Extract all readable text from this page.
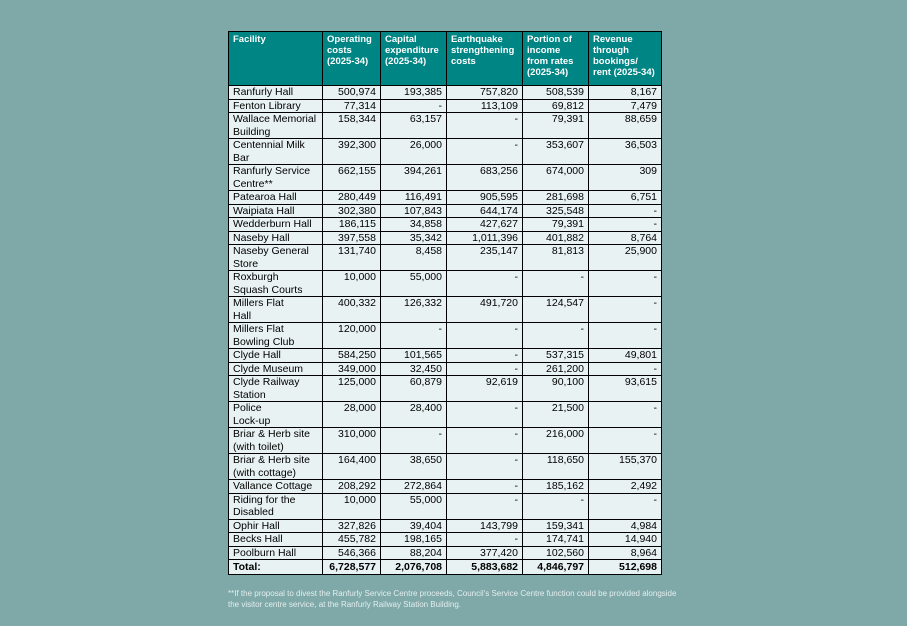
Facility	Operating
costs
(2025-34)	Capital
expenditure
(2025-34)	Earthquake
strengthening
costs	Portion of
income
from rates
(2025-34)	Revenue
through
bookings/
rent (2025-34)
Ranfurly Hall	500,974	193,385	757,820	508,539	8,167
Fenton Library	77,314	-	113,109	69,812	7,479
Wallace Memorial
Building	158,344	63,157	-	79,391	88,659
Centennial Milk
Bar	392,300	26,000	-	353,607	36,503
Ranfurly Service
Centre**	662,155	394,261	683,256	674,000	309
Patearoa Hall	280,449	116,491	905,595	281,698	6,751
Waipiata Hall	302,380	107,843	644,174	325,548	-
Wedderburn Hall	186,115	34,858	427,627	79,391	-
Naseby Hall	397,558	35,342	1,011,396	401,882	8,764
Naseby General
Store	131,740	8,458	235,147	81,813	25,900
Roxburgh
Squash Courts	10,000	55,000	-	-	-
Millers Flat
Hall	400,332	126,332	491,720	124,547	-
Millers Flat
Bowling Club	120,000	-	-	-	-
Clyde Hall	584,250	101,565	-	537,315	49,801
Clyde Museum	349,000	32,450	-	261,200	-
Clyde Railway
Station	125,000	60,879	92,619	90,100	93,615
Police
Lock-up	28,000	28,400	-	21,500	-
Briar & Herb site
(with toilet)	310,000	-	-	216,000	-
Briar & Herb site
(with cottage)	164,400	38,650	-	118,650	155,370
Vallance Cottage	208,292	272,864	-	185,162	2,492
Riding for the
Disabled	10,000	55,000	-	-	-
Ophir Hall	327,826	39,404	143,799	159,341	4,984
Becks Hall	455,782	198,165	-	174,741	14,940
Poolburn Hall	546,366	88,204	377,420	102,560	8,964
Total:	6,728,577	2,076,708	5,883,682	4,846,797	512,698
**If the proposal to divest the Ranfurly Service Centre proceeds, Council's Service Centre function could be provided alongside the visitor centre service, at the Ranfurly Railway Station Building.
